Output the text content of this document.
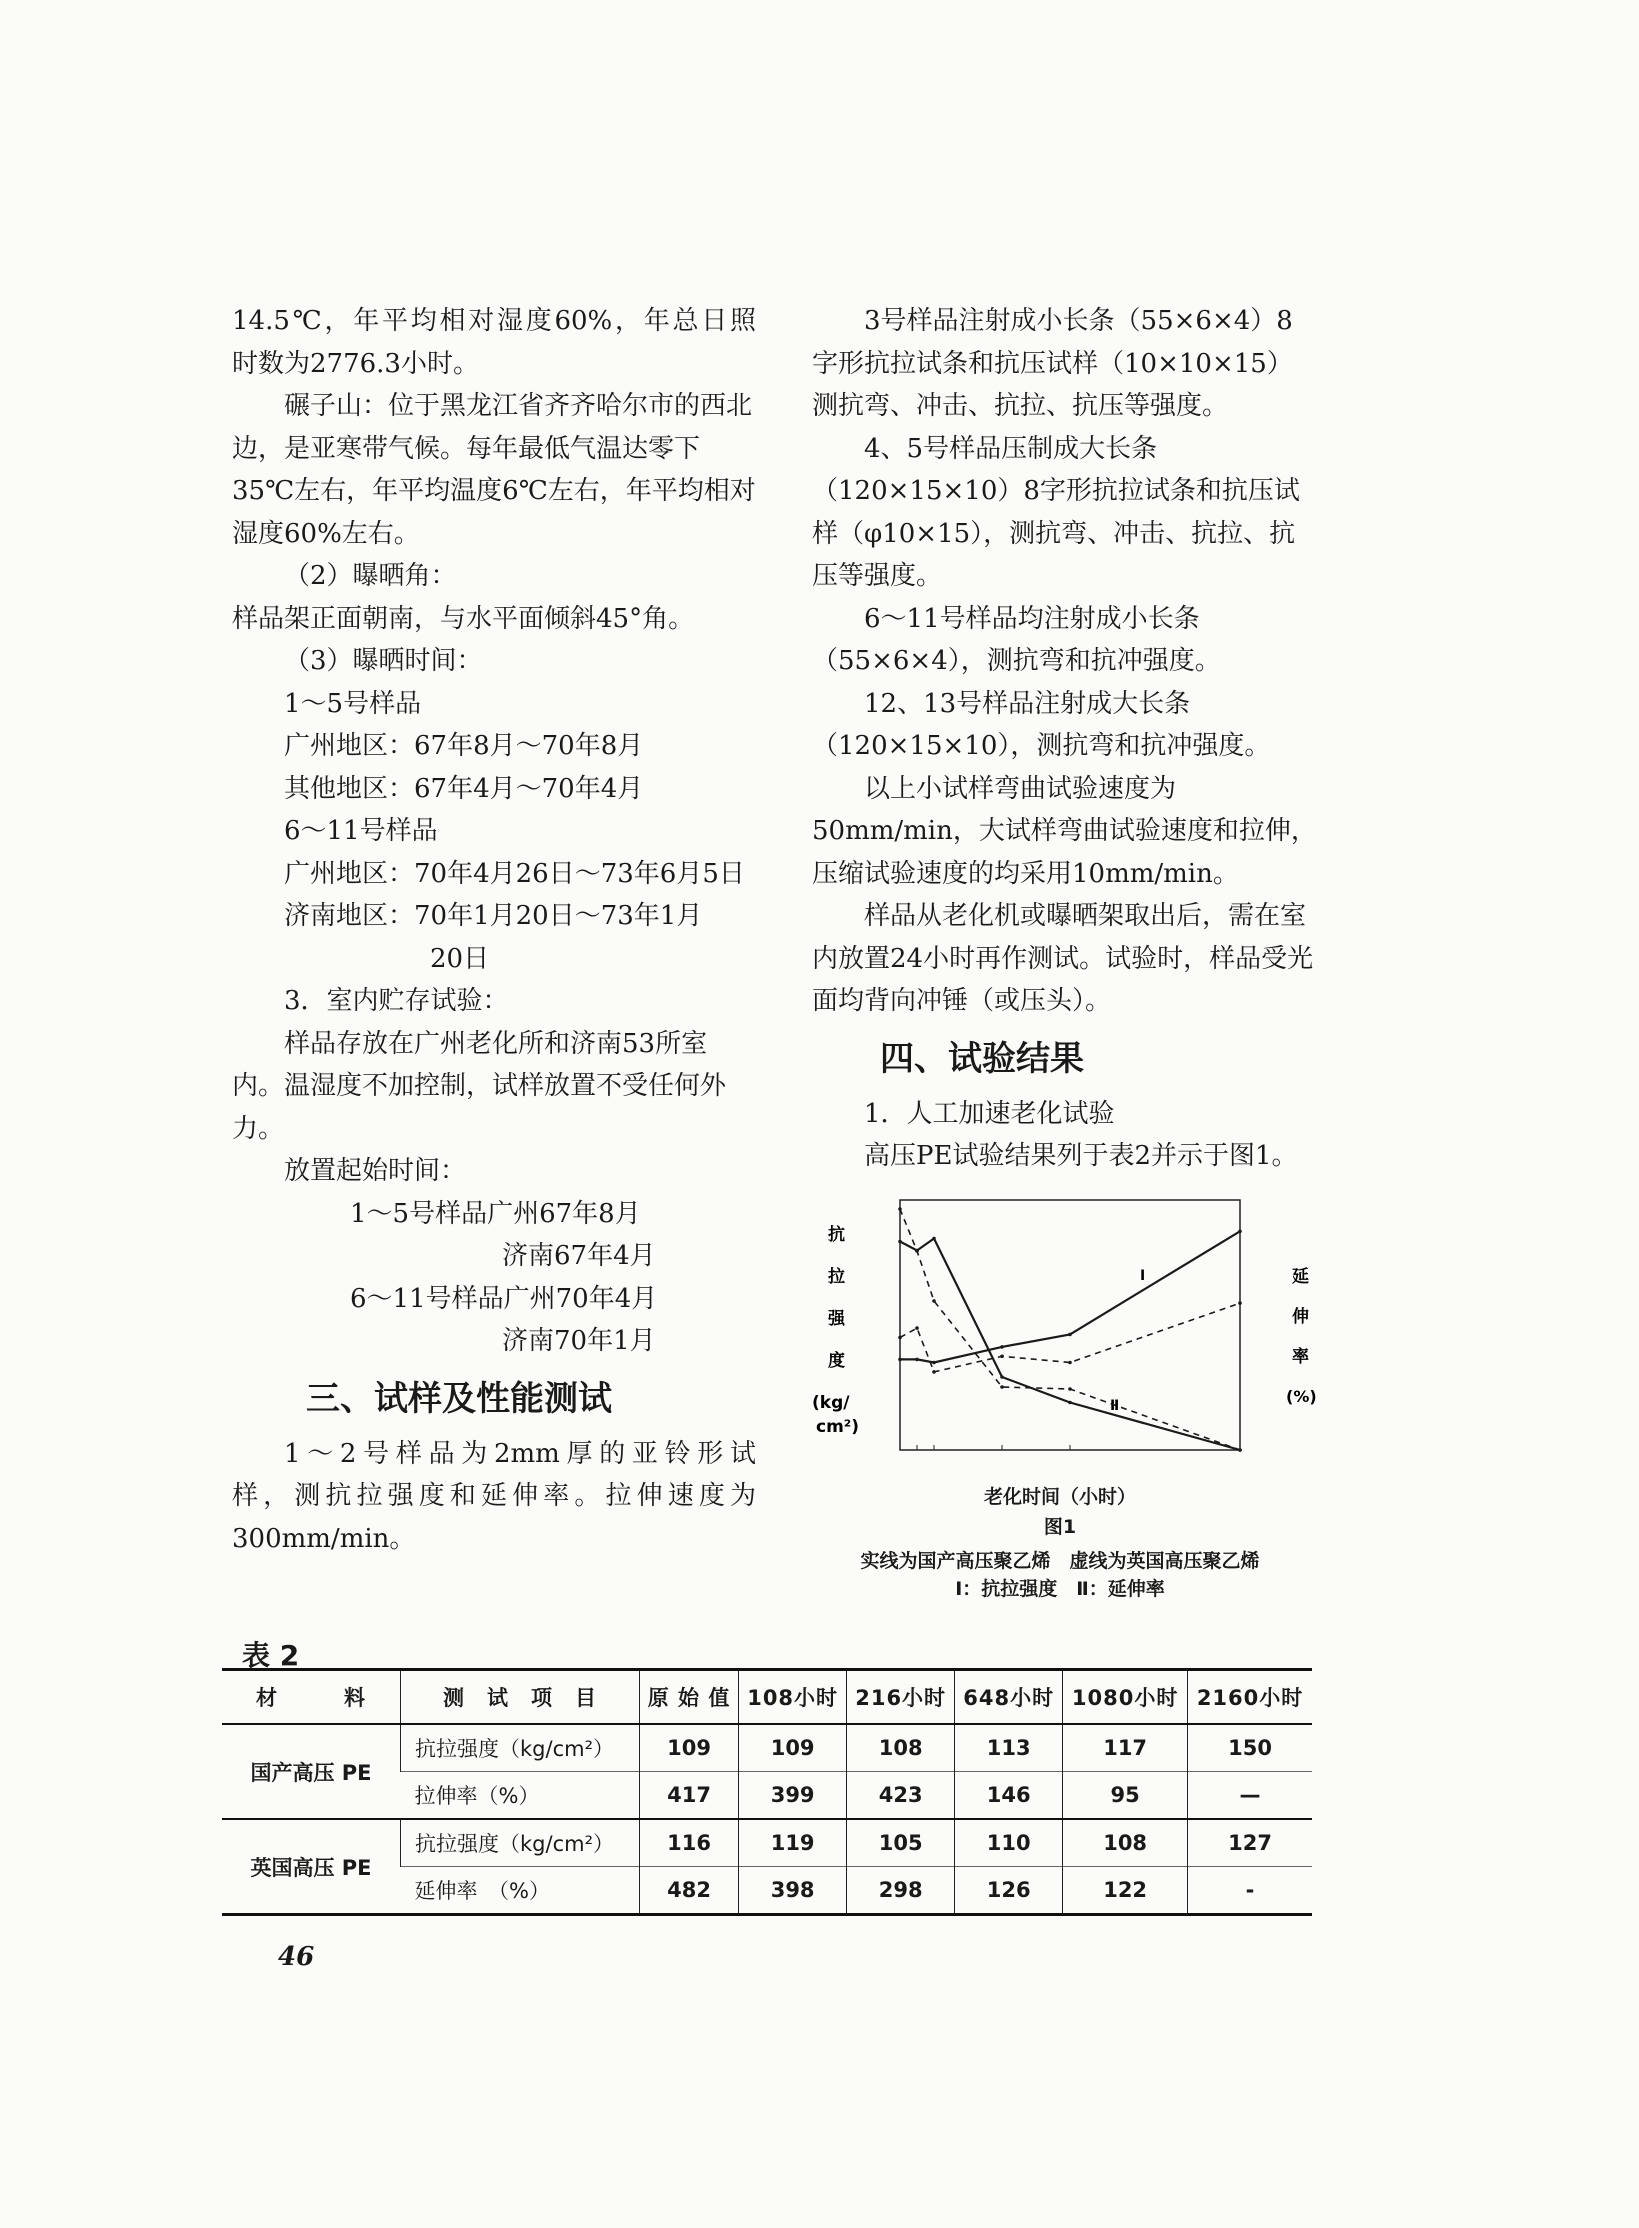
14.5℃，年平均相对湿度60%，年总日照

时数为2776.3小时。

碾子山：位于黑龙江省齐齐哈尔市的西北边，是亚寒带气候。每年最低气温达零下35℃左右，年平均温度6℃左右，年平均相对湿度60%左右。

（2）曝晒角：

样品架正面朝南，与水平面倾斜45°角。

（3）曝晒时间：

1～5号样品

广州地区：67年8月～70年8月

其他地区：67年4月～70年4月

6～11号样品

广州地区：70年4月26日～73年6月5日

济南地区：70年1月20日～73年1月

20日

3．室内贮存试验：

样品存放在广州老化所和济南53所室内。温湿度不加控制，试样放置不受任何外力。

放置起始时间：

1～5号样品广州67年8月

济南67年4月

6～11号样品广州70年4月

济南70年1月

三、试样及性能测试

1～2号样品为2mm厚的亚铃形试

样，测抗拉强度和延伸率。拉伸速度为

300mm/min。

3号样品注射成小长条（55×6×4）8字形抗拉试条和抗压试样（10×10×15）测抗弯、冲击、抗拉、抗压等强度。

4、5号样品压制成大长条（120×15×10）8字形抗拉试条和抗压试样（φ10×15），测抗弯、冲击、抗拉、抗压等强度。

6～11号样品均注射成小长条（55×6×4），测抗弯和抗冲强度。

12、13号样品注射成大长条（120×15×10），测抗弯和抗冲强度。

以上小试样弯曲试验速度为50mm/min，大试样弯曲试验速度和拉伸，压缩试验速度的均采用10mm/min。

样品从老化机或曝晒架取出后，需在室内放置24小时再作测试。试验时，样品受光面均背向冲锤（或压头）。

四、试验结果

1．人工加速老化试验

高压PE试验结果列于表2并示于图1。

抗
拉
强
度
(kg/
cm²)
延
伸
率
(%)
Ⅰ
Ⅱ
老化时间（小时）
图1
实线为国产高压聚乙烯　虚线为英国高压聚乙烯
Ⅰ：抗拉强度　Ⅱ：延伸率
表 2
材　　　料	测　试　项　目	原 始 值	108小时	216小时	648小时	1080小时	2160小时
国产高压 PE	抗拉强度（kg/cm²）	109	109	108	113	117	150
	拉伸率（%）	417	399	423	146	95	—
英国高压 PE	抗拉强度（kg/cm²）	116	119	105	110	108	127
	延伸率　（%）	482	398	298	126	122	-
46
